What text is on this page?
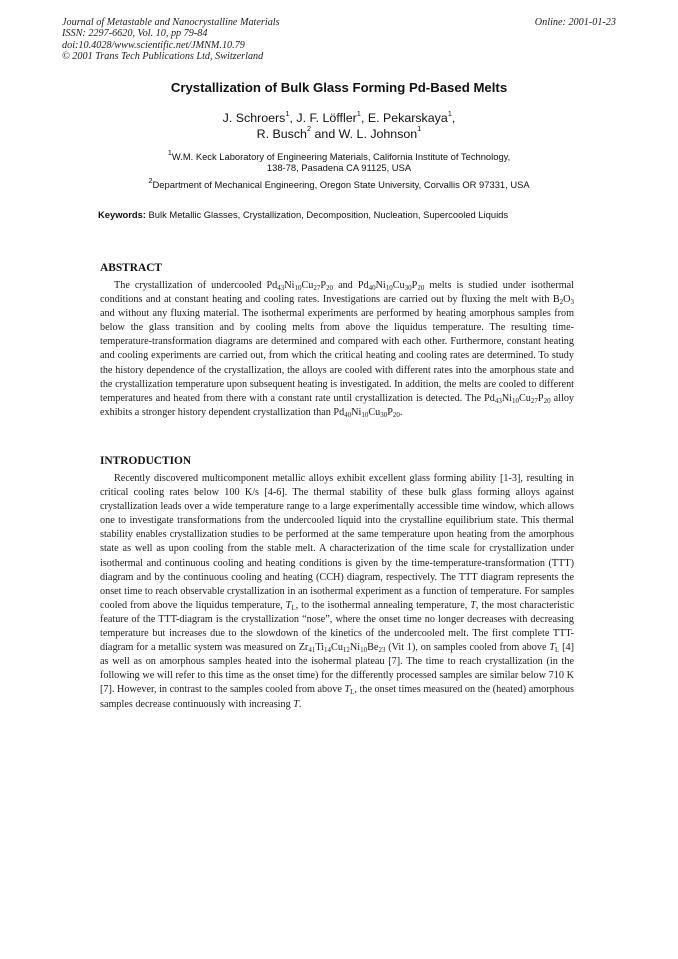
Journal of Metastable and Nanocrystalline Materials
ISSN: 2297-6620, Vol. 10, pp 79-84
doi:10.4028/www.scientific.net/JMNM.10.79
© 2001 Trans Tech Publications Ltd, Switzerland
Online: 2001-01-23
Crystallization of Bulk Glass Forming Pd-Based Melts
J. Schroers$^1$, J. F. Löffler$^1$, E. Pekarskaya$^1$,
R. Busch$^2$ and W. L. Johnson$^1$
$^1$W.M. Keck Laboratory of Engineering Materials, California Institute of Technology,
138-78, Pasadena CA 91125, USA
$^2$Department of Mechanical Engineering, Oregon State University, Corvallis OR 97331, USA
Keywords: Bulk Metallic Glasses, Crystallization, Decomposition, Nucleation, Supercooled Liquids
ABSTRACT

The crystallization of undercooled $Pd_{43}Ni_{10}Cu_{27}P_{20}$ and $Pd_{40}Ni_{10}Cu_{30}P_{20}$ melts is studied under isothermal conditions and at constant heating and cooling rates. Investigations are carried out by fluxing the melt with $B_2O_3$ and without any fluxing material. The isothermal experiments are performed by heating amorphous samples from below the glass transition and by cooling melts from above the liquidus temperature. The resulting time-temperature-transformation diagrams are determined and compared with each other. Furthermore, constant heating and cooling experiments are carried out, from which the critical heating and cooling rates are determined. To study the history dependence of the crystallization, the alloys are cooled with different rates into the amorphous state and the crystallization temperature upon subsequent heating is investigated. In addition, the melts are cooled to different temperatures and heated from there with a constant rate until crystallization is detected. The $Pd_{43}Ni_{10}Cu_{27}P_{20}$ alloy exhibits a stronger history dependent crystallization than $Pd_{40}Ni_{10}Cu_{30}P_{20}$.

INTRODUCTION

Recently discovered multicomponent metallic alloys exhibit excellent glass forming ability [1-3], resulting in critical cooling rates below 100 K/s [4-6]. The thermal stability of these bulk glass forming alloys against crystallization leads over a wide temperature range to a large experimentally accessible time window, which allows one to investigate transformations from the undercooled liquid into the crystalline equilibrium state. This thermal stability enables crystallization studies to be performed at the same temperature upon heating from the amorphous state as well as upon cooling from the stable melt. A characterization of the time scale for crystallization under isothermal and continuous cooling and heating conditions is given by the time-temperature-transformation (TTT) diagram and by the continuous cooling and heating (CCH) diagram, respectively. The TTT diagram represents the onset time to reach observable crystallization in an isothermal experiment as a function of temperature. For samples cooled from above the liquidus temperature, $T_L$, to the isothermal annealing temperature, T, the most characteristic feature of the TTT-diagram is the crystallization “nose”, where the onset time no longer decreases with decreasing temperature but increases due to the slowdown of the kinetics of the undercooled melt. The first complete TTT-diagram for a metallic system was measured on $Zr_{41}Ti_{14}Cu_{12}Ni_{10}Be_{23}$ (Vit 1), on samples cooled from above $T_L$ [4] as well as on amorphous samples heated into the isohermal plateau [7]. The time to reach crystallization (in the following we will refer to this time as the onset time) for the differently processed samples are similar below 710 K [7]. However, in contrast to the samples cooled from above $T_L$, the onset times measured on the (heated) amorphous samples decrease continuously with increasing T.
